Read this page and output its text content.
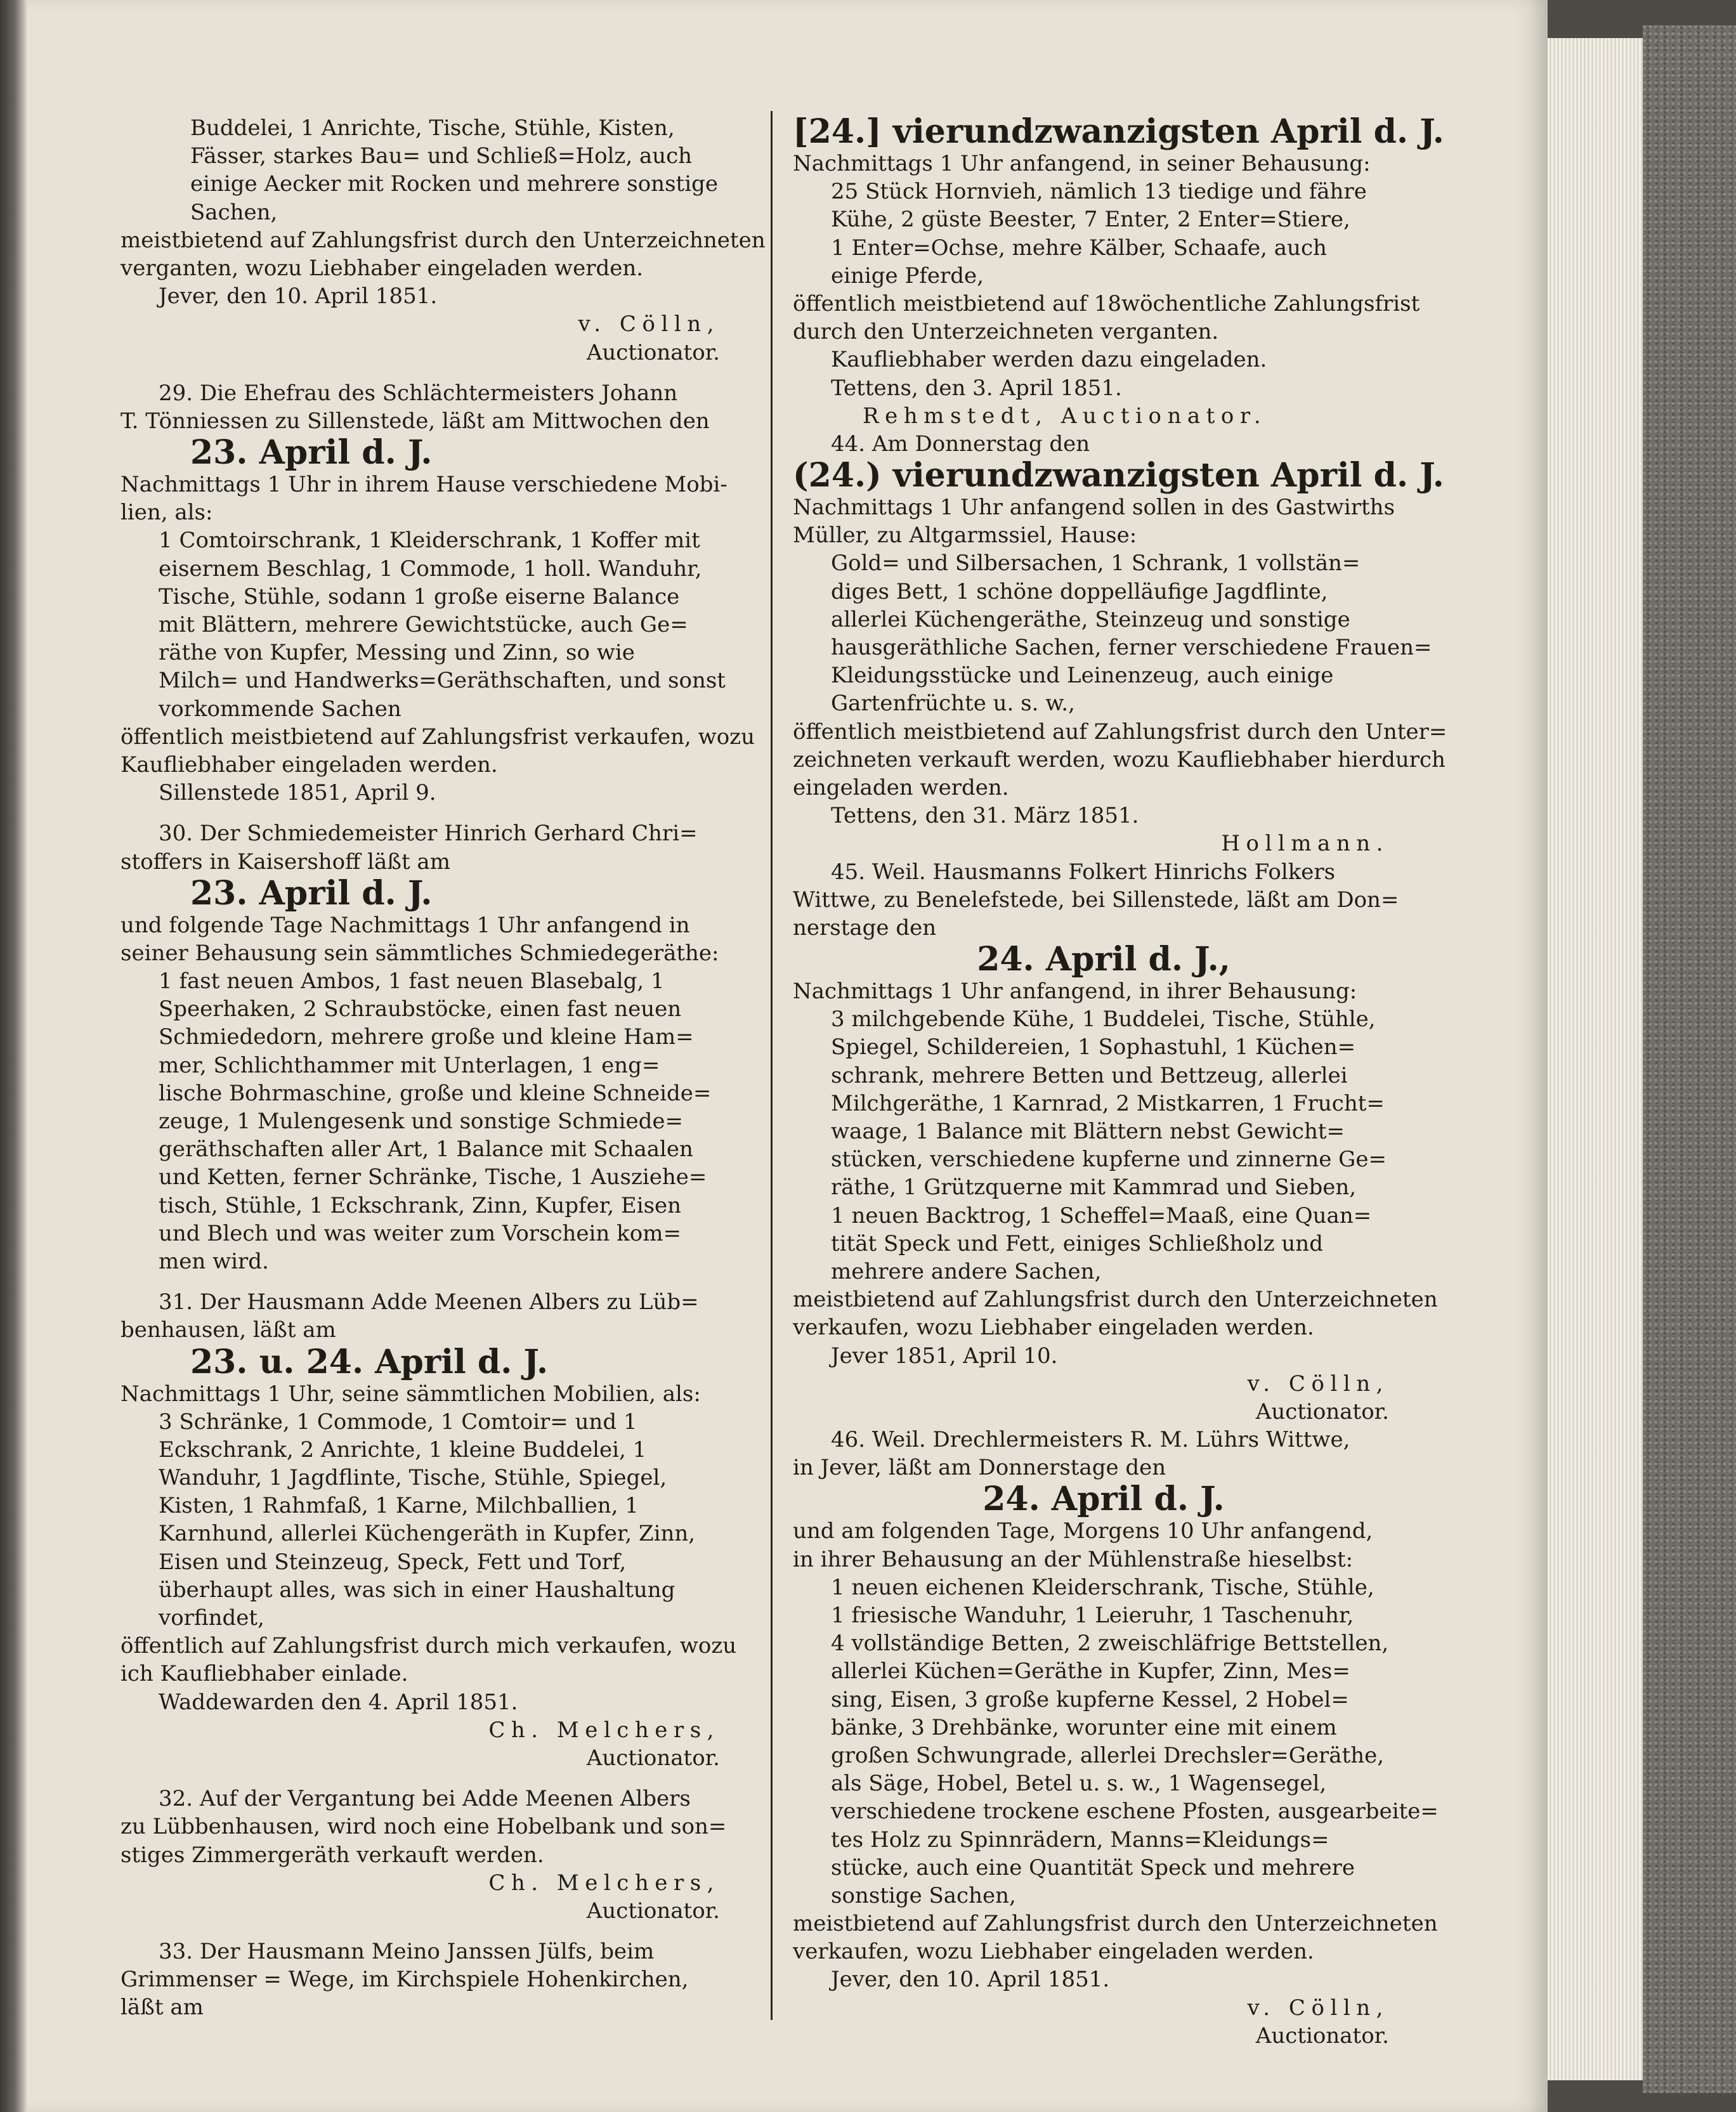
Buddelei, 1 Anrichte, Tische, Stühle, Kisten,
Fässer, starkes Bau= und Schließ=Holz, auch
einige Aecker mit Rocken und mehrere sonstige
Sachen,
meistbietend auf Zahlungsfrist durch den Unterzeichneten
verganten, wozu Liebhaber eingeladen werden.
Jever, den 10. April 1851.
v. Cölln,
Auctionator.
29. Die Ehefrau des Schlächtermeisters Johann
T. Tönniessen zu Sillenstede, läßt am Mittwochen den
23. April d. J.
Nachmittags 1 Uhr in ihrem Hause verschiedene Mobi-
lien, als:
1 Comtoirschrank, 1 Kleiderschrank, 1 Koffer mit
eisernem Beschlag, 1 Commode, 1 holl. Wanduhr,
Tische, Stühle, sodann 1 große eiserne Balance
mit Blättern, mehrere Gewichtstücke, auch Ge=
räthe von Kupfer, Messing und Zinn, so wie
Milch= und Handwerks=Geräthschaften, und sonst
vorkommende Sachen
öffentlich meistbietend auf Zahlungsfrist verkaufen, wozu
Kaufliebhaber eingeladen werden.
Sillenstede 1851, April 9.
30. Der Schmiedemeister Hinrich Gerhard Chri=
stoffers in Kaisershoff läßt am
23. April d. J.
und folgende Tage Nachmittags 1 Uhr anfangend in
seiner Behausung sein sämmtliches Schmiedegeräthe:
1 fast neuen Ambos, 1 fast neuen Blasebalg, 1
Speerhaken, 2 Schraubstöcke, einen fast neuen
Schmiededorn, mehrere große und kleine Ham=
mer, Schlichthammer mit Unterlagen, 1 eng=
lische Bohrmaschine, große und kleine Schneide=
zeuge, 1 Mulengesenk und sonstige Schmiede=
geräthschaften aller Art, 1 Balance mit Schaalen
und Ketten, ferner Schränke, Tische, 1 Ausziehe=
tisch, Stühle, 1 Eckschrank, Zinn, Kupfer, Eisen
und Blech und was weiter zum Vorschein kom=
men wird.
31. Der Hausmann Adde Meenen Albers zu Lüb=
benhausen, läßt am
23. u. 24. April d. J.
Nachmittags 1 Uhr, seine sämmtlichen Mobilien, als:
3 Schränke, 1 Commode, 1 Comtoir= und 1
Eckschrank, 2 Anrichte, 1 kleine Buddelei, 1
Wanduhr, 1 Jagdflinte, Tische, Stühle, Spiegel,
Kisten, 1 Rahmfaß, 1 Karne, Milchballien, 1
Karnhund, allerlei Küchengeräth in Kupfer, Zinn,
Eisen und Steinzeug, Speck, Fett und Torf,
überhaupt alles, was sich in einer Haushaltung
vorfindet,
öffentlich auf Zahlungsfrist durch mich verkaufen, wozu
ich Kaufliebhaber einlade.
Waddewarden den 4. April 1851.
Ch. Melchers,
Auctionator.
32. Auf der Vergantung bei Adde Meenen Albers
zu Lübbenhausen, wird noch eine Hobelbank und son=
stiges Zimmergeräth verkauft werden.
Ch. Melchers,
Auctionator.
33. Der Hausmann Meino Janssen Jülfs, beim
Grimmenser = Wege, im Kirchspiele Hohenkirchen,
läßt am
[24.] vierundzwanzigsten April d. J.
Nachmittags 1 Uhr anfangend, in seiner Behausung:
25 Stück Hornvieh, nämlich 13 tiedige und fähre
Kühe, 2 güste Beester, 7 Enter, 2 Enter=Stiere,
1 Enter=Ochse, mehre Kälber, Schaafe, auch
einige Pferde,
öffentlich meistbietend auf 18wöchentliche Zahlungsfrist
durch den Unterzeichneten verganten.
Kaufliebhaber werden dazu eingeladen.
Tettens, den 3. April 1851.
Rehmstedt, Auctionator.
44. Am Donnerstag den
(24.) vierundzwanzigsten April d. J.
Nachmittags 1 Uhr anfangend sollen in des Gastwirths
Müller, zu Altgarmssiel, Hause:
Gold= und Silbersachen, 1 Schrank, 1 vollstän=
diges Bett, 1 schöne doppelläufige Jagdflinte,
allerlei Küchengeräthe, Steinzeug und sonstige
hausgeräthliche Sachen, ferner verschiedene Frauen=
Kleidungsstücke und Leinenzeug, auch einige
Gartenfrüchte u. s. w.,
öffentlich meistbietend auf Zahlungsfrist durch den Unter=
zeichneten verkauft werden, wozu Kaufliebhaber hierdurch
eingeladen werden.
Tettens, den 31. März 1851.
Hollmann.
45. Weil. Hausmanns Folkert Hinrichs Folkers
Wittwe, zu Benelefstede, bei Sillenstede, läßt am Don=
nerstage den
24. April d. J.,
Nachmittags 1 Uhr anfangend, in ihrer Behausung:
3 milchgebende Kühe, 1 Buddelei, Tische, Stühle,
Spiegel, Schildereien, 1 Sophastuhl, 1 Küchen=
schrank, mehrere Betten und Bettzeug, allerlei
Milchgeräthe, 1 Karnrad, 2 Mistkarren, 1 Frucht=
waage, 1 Balance mit Blättern nebst Gewicht=
stücken, verschiedene kupferne und zinnerne Ge=
räthe, 1 Grützquerne mit Kammrad und Sieben,
1 neuen Backtrog, 1 Scheffel=Maaß, eine Quan=
tität Speck und Fett, einiges Schließholz und
mehrere andere Sachen,
meistbietend auf Zahlungsfrist durch den Unterzeichneten
verkaufen, wozu Liebhaber eingeladen werden.
Jever 1851, April 10.
v. Cölln,
Auctionator.
46. Weil. Drechlermeisters R. M. Lührs Wittwe,
in Jever, läßt am Donnerstage den
24. April d. J.
und am folgenden Tage, Morgens 10 Uhr anfangend,
in ihrer Behausung an der Mühlenstraße hieselbst:
1 neuen eichenen Kleiderschrank, Tische, Stühle,
1 friesische Wanduhr, 1 Leieruhr, 1 Taschenuhr,
4 vollständige Betten, 2 zweischläfrige Bettstellen,
allerlei Küchen=Geräthe in Kupfer, Zinn, Mes=
sing, Eisen, 3 große kupferne Kessel, 2 Hobel=
bänke, 3 Drehbänke, worunter eine mit einem
großen Schwungrade, allerlei Drechsler=Geräthe,
als Säge, Hobel, Betel u. s. w., 1 Wagensegel,
verschiedene trockene eschene Pfosten, ausgearbeite=
tes Holz zu Spinnrädern, Manns=Kleidungs=
stücke, auch eine Quantität Speck und mehrere
sonstige Sachen,
meistbietend auf Zahlungsfrist durch den Unterzeichneten
verkaufen, wozu Liebhaber eingeladen werden.
Jever, den 10. April 1851.
v. Cölln,
Auctionator.
